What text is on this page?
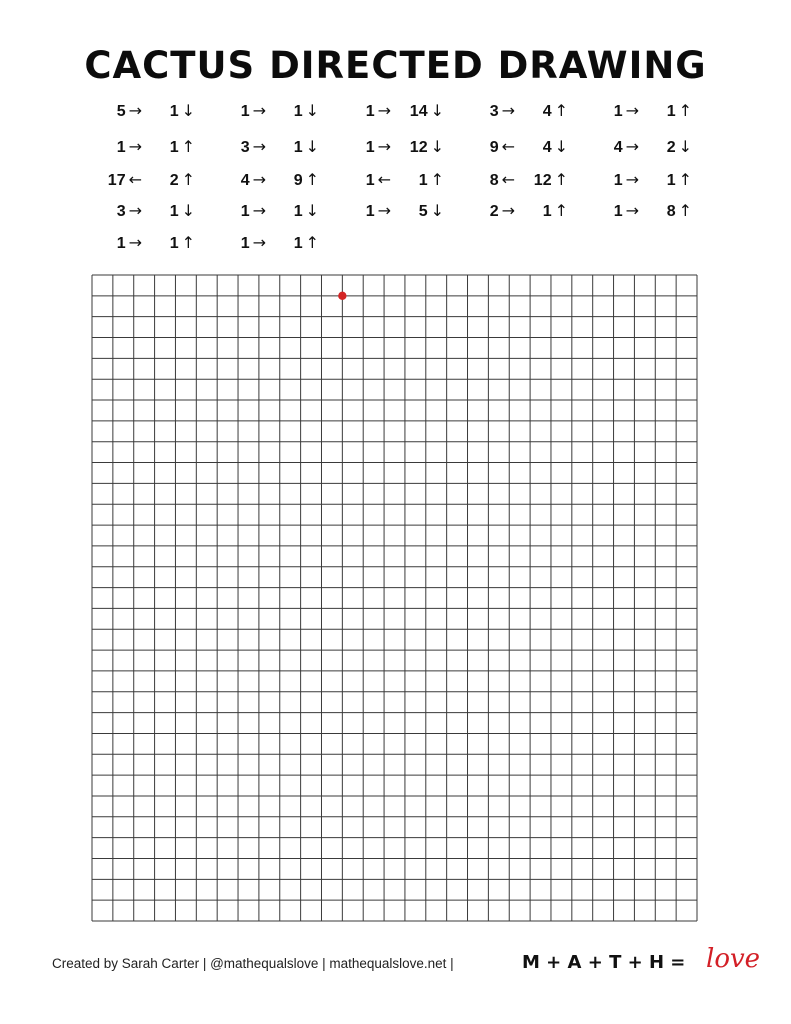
CACTUS DIRECTED DRAWING
5 → 1 ↓	1 → 1 ↓	1 → 14 ↓	3 → 4 ↑	1 → 1 ↑
1 → 1 ↑	3 → 1 ↓	1 → 12 ↓	9 ← 4 ↓	4 → 2 ↓
17 ← 2 ↑	4 → 9 ↑	1 ← 1 ↑	8 ← 12 ↑	1 → 1 ↑
3 → 1 ↓	1 → 1 ↓	1 → 5 ↓	2 → 1 ↑	1 → 8 ↑
1 → 1 ↑	1 → 1 ↑
Created by Sarah Carter | @mathequalslove | mathequalslove.net |	M + A + T + H = love
